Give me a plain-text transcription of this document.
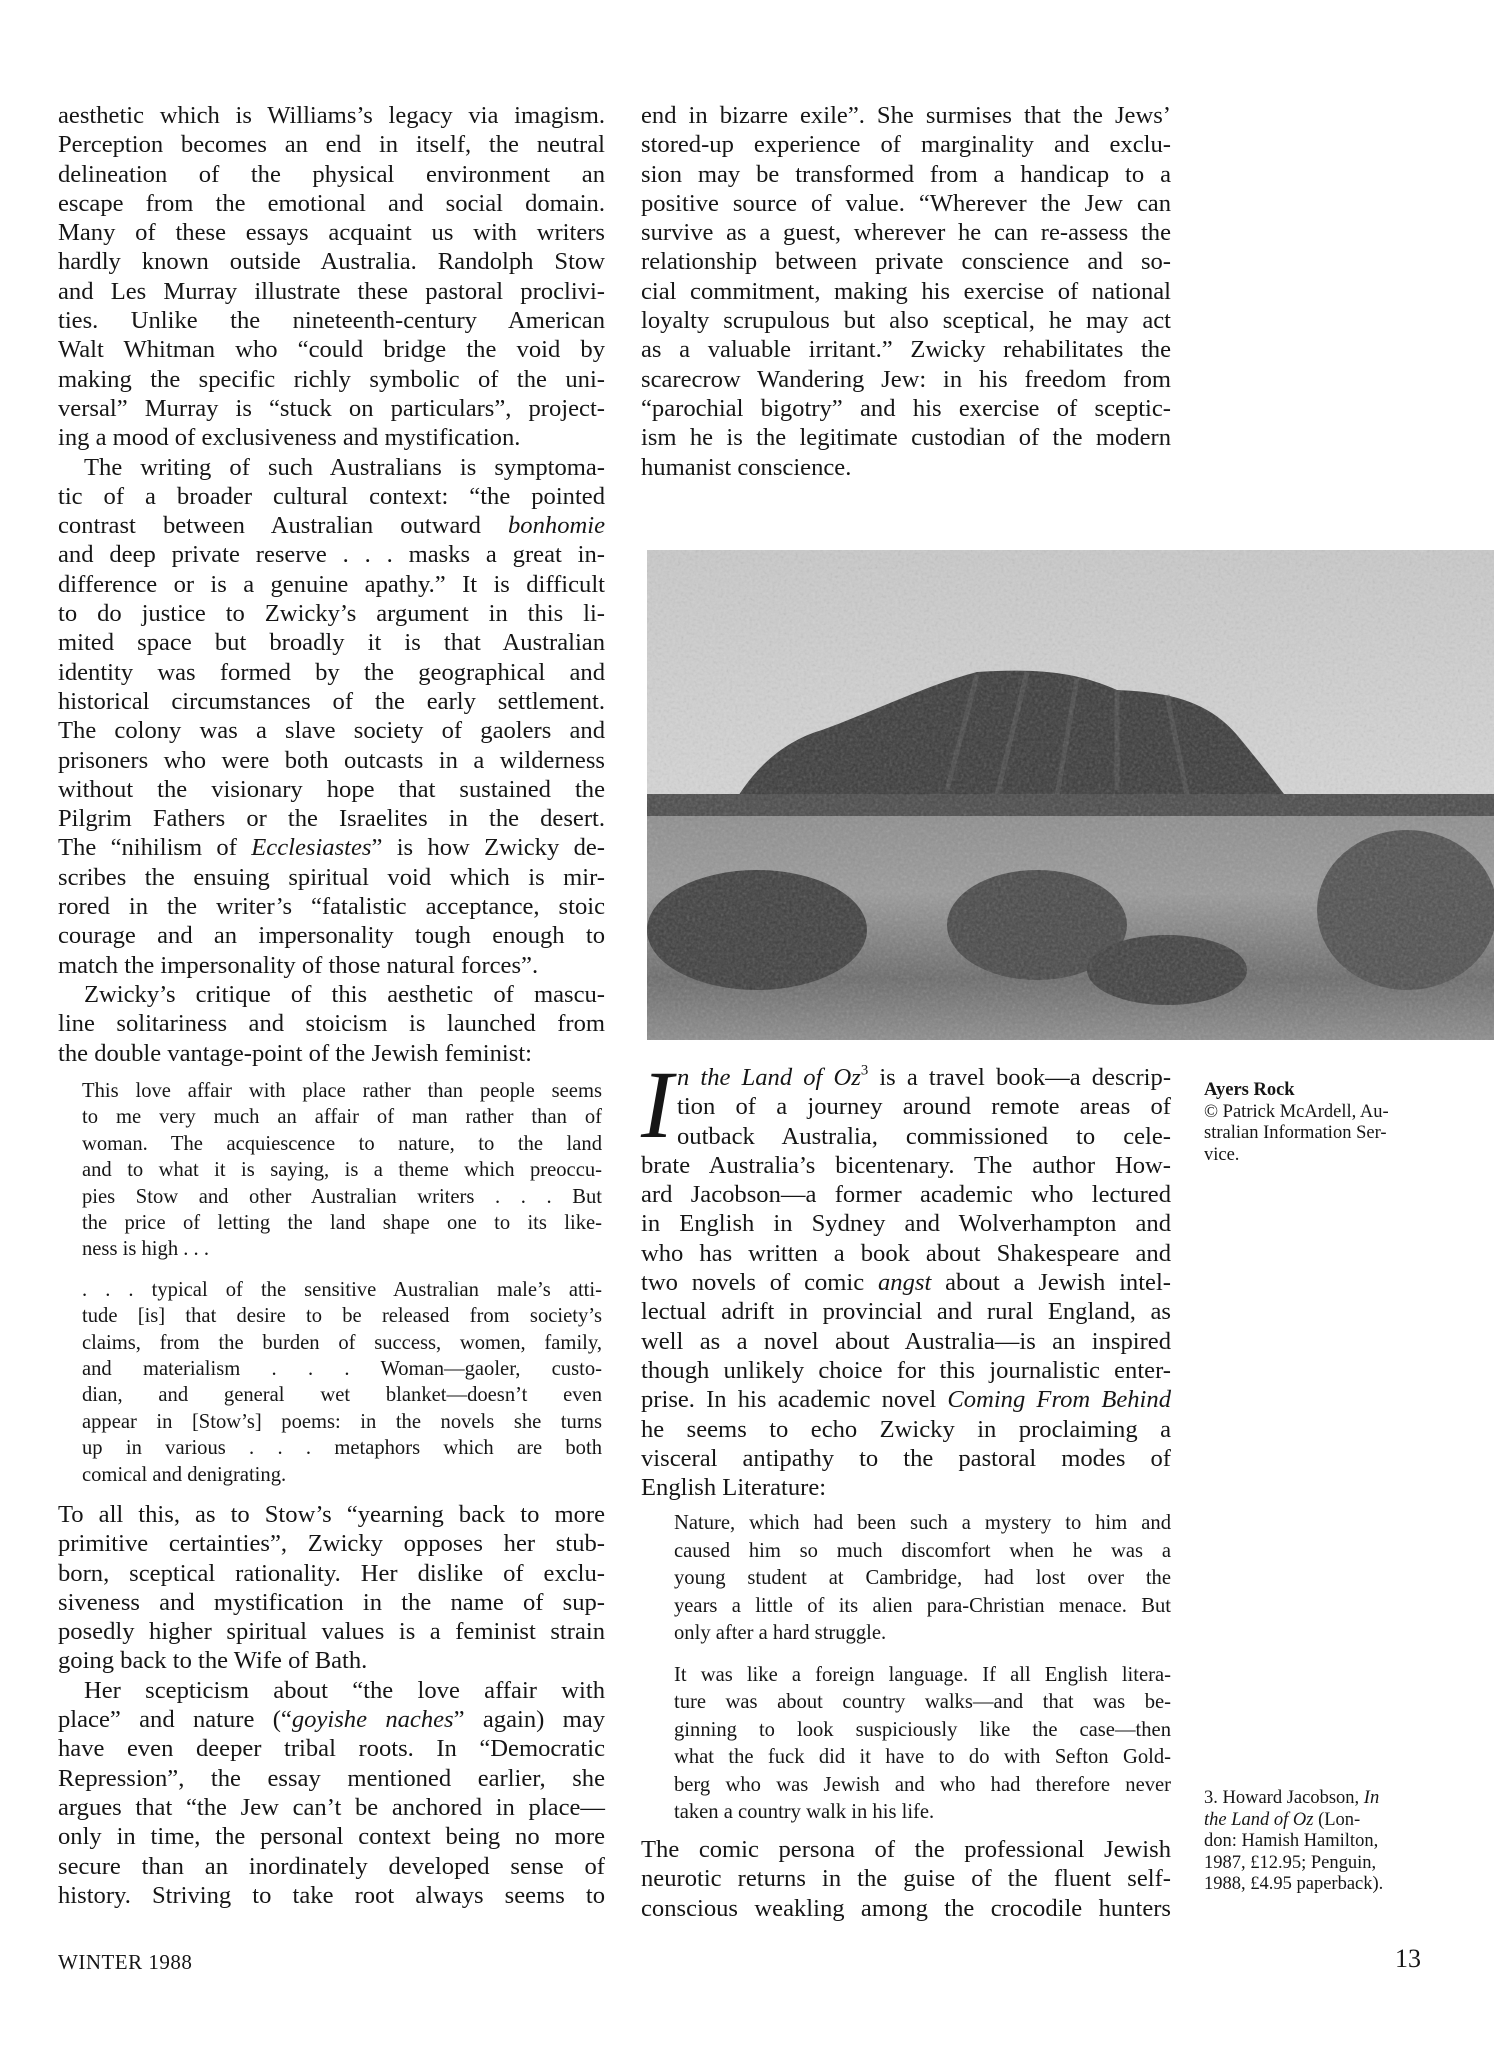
aesthetic which is Williams’s legacy via imagism.
Perception becomes an end in itself, the neutral
delineation of the physical environment an
escape from the emotional and social domain.
Many of these essays acquaint us with writers
hardly known outside Australia. Randolph Stow
and Les Murray illustrate these pastoral proclivi-
ties. Unlike the nineteenth-century American
Walt Whitman who “could bridge the void by
making the specific richly symbolic of the uni-
versal” Murray is “stuck on particulars”, project-
ing a mood of exclusiveness and mystification.
The writing of such Australians is symptoma-
tic of a broader cultural context: “the pointed
contrast between Australian outward bonhomie
and deep private reserve . . . masks a great in-
difference or is a genuine apathy.” It is difficult
to do justice to Zwicky’s argument in this li-
mited space but broadly it is that Australian
identity was formed by the geographical and
historical circumstances of the early settlement.
The colony was a slave society of gaolers and
prisoners who were both outcasts in a wilderness
without the visionary hope that sustained the
Pilgrim Fathers or the Israelites in the desert.
The “nihilism of Ecclesiastes” is how Zwicky de-
scribes the ensuing spiritual void which is mir-
rored in the writer’s “fatalistic acceptance, stoic
courage and an impersonality tough enough to
match the impersonality of those natural forces”.
Zwicky’s critique of this aesthetic of mascu-
line solitariness and stoicism is launched from
the double vantage-point of the Jewish feminist:
This love affair with place rather than people seems
to me very much an affair of man rather than of
woman. The acquiescence to nature, to the land
and to what it is saying, is a theme which preoccu-
pies Stow and other Australian writers . . . But
the price of letting the land shape one to its like-
ness is high . . .
. . . typical of the sensitive Australian male’s atti-
tude [is] that desire to be released from society’s
claims, from the burden of success, women, family,
and materialism . . . Woman—gaoler, custo-
dian, and general wet blanket—doesn’t even
appear in [Stow’s] poems: in the novels she turns
up in various . . . metaphors which are both
comical and denigrating.
To all this, as to Stow’s “yearning back to more
primitive certainties”, Zwicky opposes her stub-
born, sceptical rationality. Her dislike of exclu-
siveness and mystification in the name of sup-
posedly higher spiritual values is a feminist strain
going back to the Wife of Bath.
Her scepticism about “the love affair with
place” and nature (“goyishe naches” again) may
have even deeper tribal roots. In “Democratic
Repression”, the essay mentioned earlier, she
argues that “the Jew can’t be anchored in place—
only in time, the personal context being no more
secure than an inordinately developed sense of
history. Striving to take root always seems to
end in bizarre exile”. She surmises that the Jews’
stored-up experience of marginality and exclu-
sion may be transformed from a handicap to a
positive source of value. “Wherever the Jew can
survive as a guest, wherever he can re-assess the
relationship between private conscience and so-
cial commitment, making his exercise of national
loyalty scrupulous but also sceptical, he may act
as a valuable irritant.” Zwicky rehabilitates the
scarecrow Wandering Jew: in his freedom from
“parochial bigotry” and his exercise of sceptic-
ism he is the legitimate custodian of the modern
humanist conscience.
Ayers Rock
© Patrick McArdell, Au-
stralian Information Ser-
vice.
I n the Land of Oz$^3$ is a travel book—a descrip-
tion of a journey around remote areas of
outback Australia, commissioned to cele-
brate Australia’s bicentenary. The author How-
ard Jacobson—a former academic who lectured
in English in Sydney and Wolverhampton and
who has written a book about Shakespeare and
two novels of comic angst about a Jewish intel-
lectual adrift in provincial and rural England, as
well as a novel about Australia—is an inspired
though unlikely choice for this journalistic enter-
prise. In his academic novel Coming From Behind
he seems to echo Zwicky in proclaiming a
visceral antipathy to the pastoral modes of
English Literature:
Nature, which had been such a mystery to him and
caused him so much discomfort when he was a
young student at Cambridge, had lost over the
years a little of its alien para-Christian menace. But
only after a hard struggle.
It was like a foreign language. If all English litera-
ture was about country walks—and that was be-
ginning to look suspiciously like the case—then
what the fuck did it have to do with Sefton Gold-
berg who was Jewish and who had therefore never
taken a country walk in his life.
The comic persona of the professional Jewish
neurotic returns in the guise of the fluent self-
conscious weakling among the crocodile hunters
3. Howard Jacobson, In
the Land of Oz (Lon-
don: Hamish Hamilton,
1987, £12.95; Penguin,
1988, £4.95 paperback).
WINTER 1988	13
